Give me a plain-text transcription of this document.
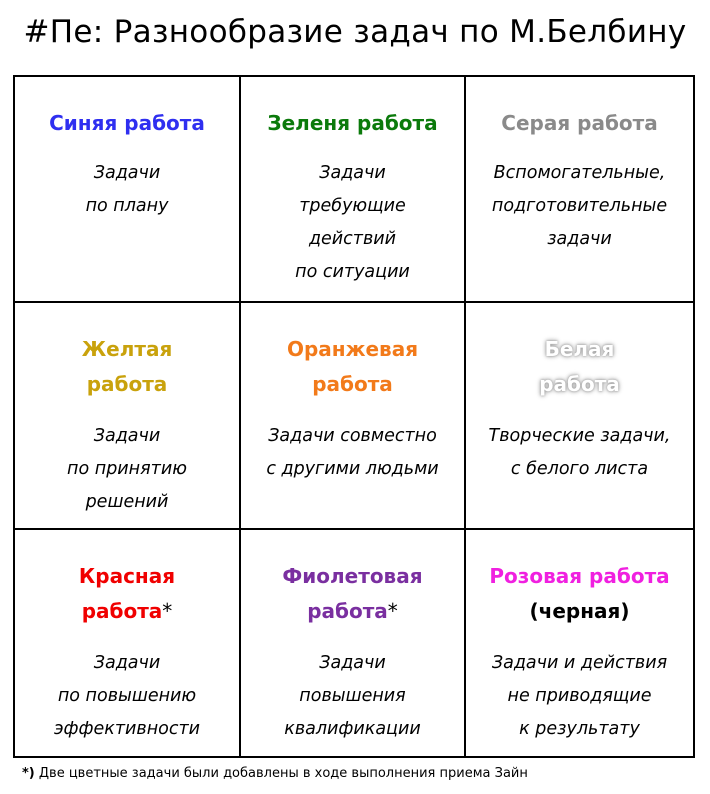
#Пе: Разнообразие задач по М.Белбину
Синяя работа
Задачи
по плану
Зеленя работа
Задачи
требующие
действий
по ситуации
Серая работа
Вспомогательные,
подготовительные
задачи
Желтая
работа
Задачи
по принятию
решений
Оранжевая
работа
Задачи совместно
с другими людьми
Белая
работа
Творческие задачи,
с белого листа
Красная
работа*
Задачи
по повышению
эффективности
Фиолетовая
работа*
Задачи
повышения
квалификации
Розовая работа
(черная)
Задачи и действия
не приводящие
к результату
*) Две цветные задачи были добавлены в ходе выполнения приема Зайн
